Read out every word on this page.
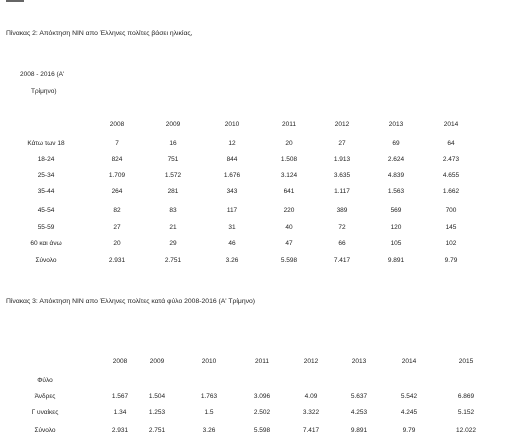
Πίνακας 2: Απόκτηση ΝΙΝ απο Έλληνες πολίτες βάσει ηλικίας,
2008 - 2016 (Α'
Τρίμηνο)
2008	2009	2010	2011	2012	2013	2014
Κάτω των 18	7	16	12	20	27	69	64
18-24	824	751	844	1.508	1.913	2.624	2.473
25-34	1.709	1.572	1.676	3.124	3.635	4.839	4.655
35-44	264	281	343	641	1.117	1.563	1.662
45-54	82	83	117	220	389	569	700
55-59	27	21	31	40	72	120	145
60 και άνω	20	29	46	47	66	105	102
Σύνολο	2.931	2.751	3.26	5.598	7.417	9.891	9.79
Πίνακας 3: Απόκτηση ΝΙΝ απο Έλληνες πολίτες κατά φύλο 2008-2016 (Α' Τρίμηνο)
2008	2009	2010	2011	2012	2013	2014	2015
Φύλο
Άνδρες	1.567	1.504	1.763	3.096	4.09	5.637	5.542	6.869
Γ υναίκες	1.34	1.253	1.5	2.502	3.322	4.253	4.245	5.152
Σύνολο	2.931	2.751	3.26	5.598	7.417	9.891	9.79	12.022
